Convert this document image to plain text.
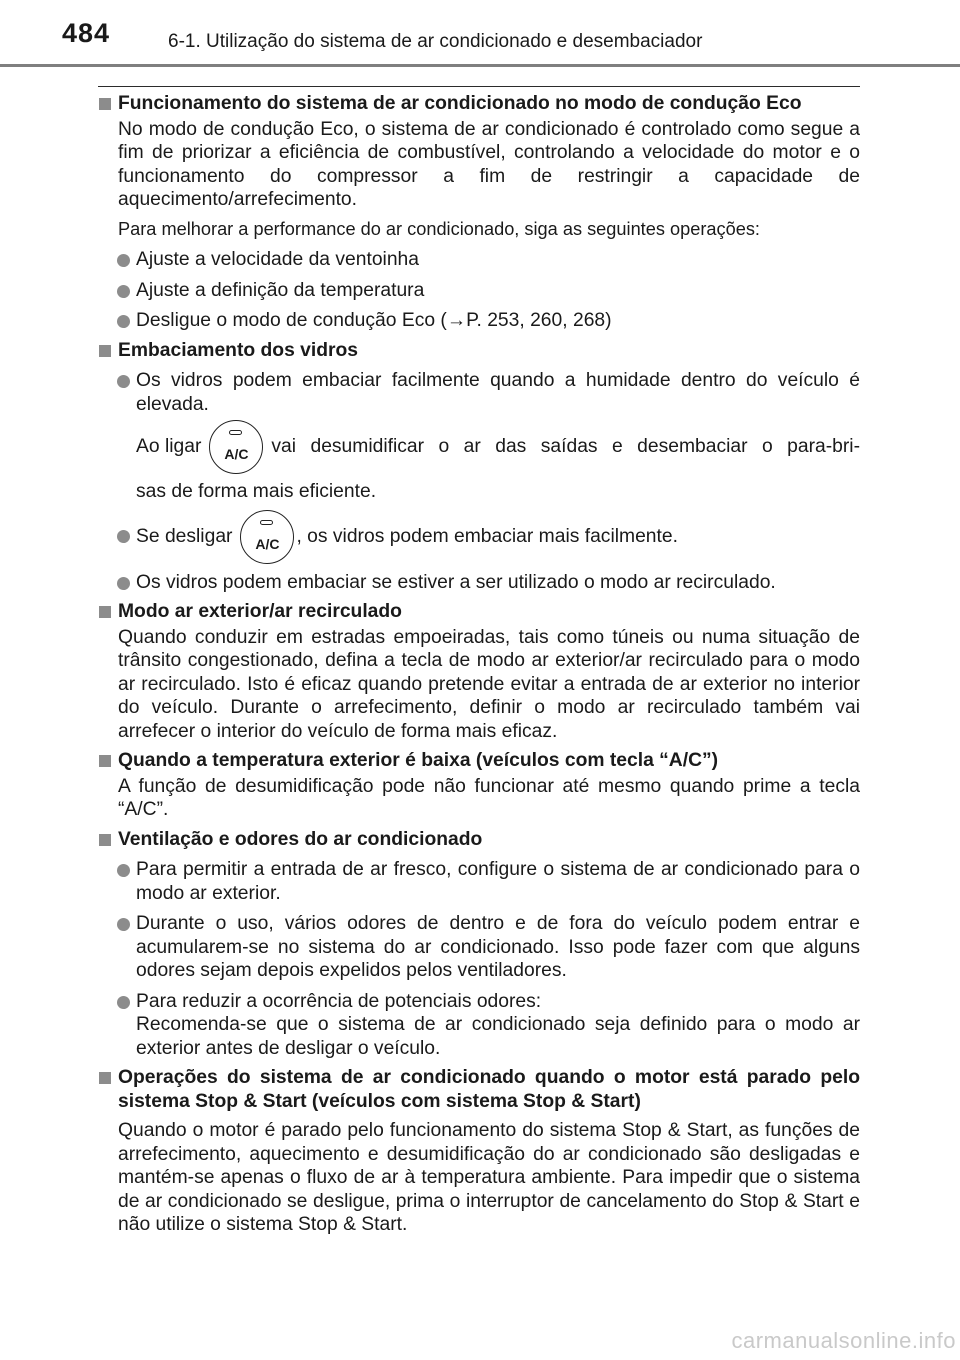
484	6-1. Utilização do sistema de ar condicionado e desembaciador
Funcionamento do sistema de ar condicionado no modo de condução Eco
No modo de condução Eco, o sistema de ar condicionado é controlado como segue a fim de priorizar a eficiência de combustível, controlando a velocidade do motor e o funcionamento do compressor a fim de restringir a capacidade de aquecimento/arrefecimento.
Para melhorar a performance do ar condicionado, siga as seguintes operações:
Ajuste a velocidade da ventoinha
Ajuste a definição da temperatura
Desligue o modo de condução Eco (→P. 253, 260, 268)
Embaciamento dos vidros
Os vidros podem embaciar facilmente quando a humidade dentro do veículo é elevada.
Ao ligar	A/C	vai desumidificar o ar das saídas e desembaciar o para-bri-
sas de forma mais eficiente.
Se desligar	A/C , os vidros podem embaciar mais facilmente.
Os vidros podem embaciar se estiver a ser utilizado o modo ar recirculado.
Modo ar exterior/ar recirculado
Quando conduzir em estradas empoeiradas, tais como túneis ou numa situação de trânsito congestionado, defina a tecla de modo ar exterior/ar recirculado para o modo ar recirculado. Isto é eficaz quando pretende evitar a entrada de ar exterior no interior do veículo. Durante o arrefecimento, definir o modo ar recirculado também vai arrefecer o interior do veículo de forma mais eficaz.
Quando a temperatura exterior é baixa (veículos com tecla “A/C”)
A função de desumidificação pode não funcionar até mesmo quando prime a tecla “A/C”.
Ventilação e odores do ar condicionado
Para permitir a entrada de ar fresco, configure o sistema de ar condicionado para o modo ar exterior.
Durante o uso, vários odores de dentro e de fora do veículo podem entrar e acumularem-se no sistema do ar condicionado. Isso pode fazer com que alguns odores sejam depois expelidos pelos ventiladores.
Para reduzir a ocorrência de potenciais odores:
Recomenda-se que o sistema de ar condicionado seja definido para o modo ar exterior antes de desligar o veículo.
Operações do sistema de ar condicionado quando o motor está parado pelo sistema Stop & Start (veículos com sistema Stop & Start)
Quando o motor é parado pelo funcionamento do sistema Stop & Start, as funções de arrefecimento, aquecimento e desumidificação do ar condicionado são desligadas e mantém-se apenas o fluxo de ar à temperatura ambiente. Para impedir que o sistema de ar condicionado se desligue, prima o interruptor de cancelamento do Stop & Start e não utilize o sistema Stop & Start.
carmanualsonline.info
